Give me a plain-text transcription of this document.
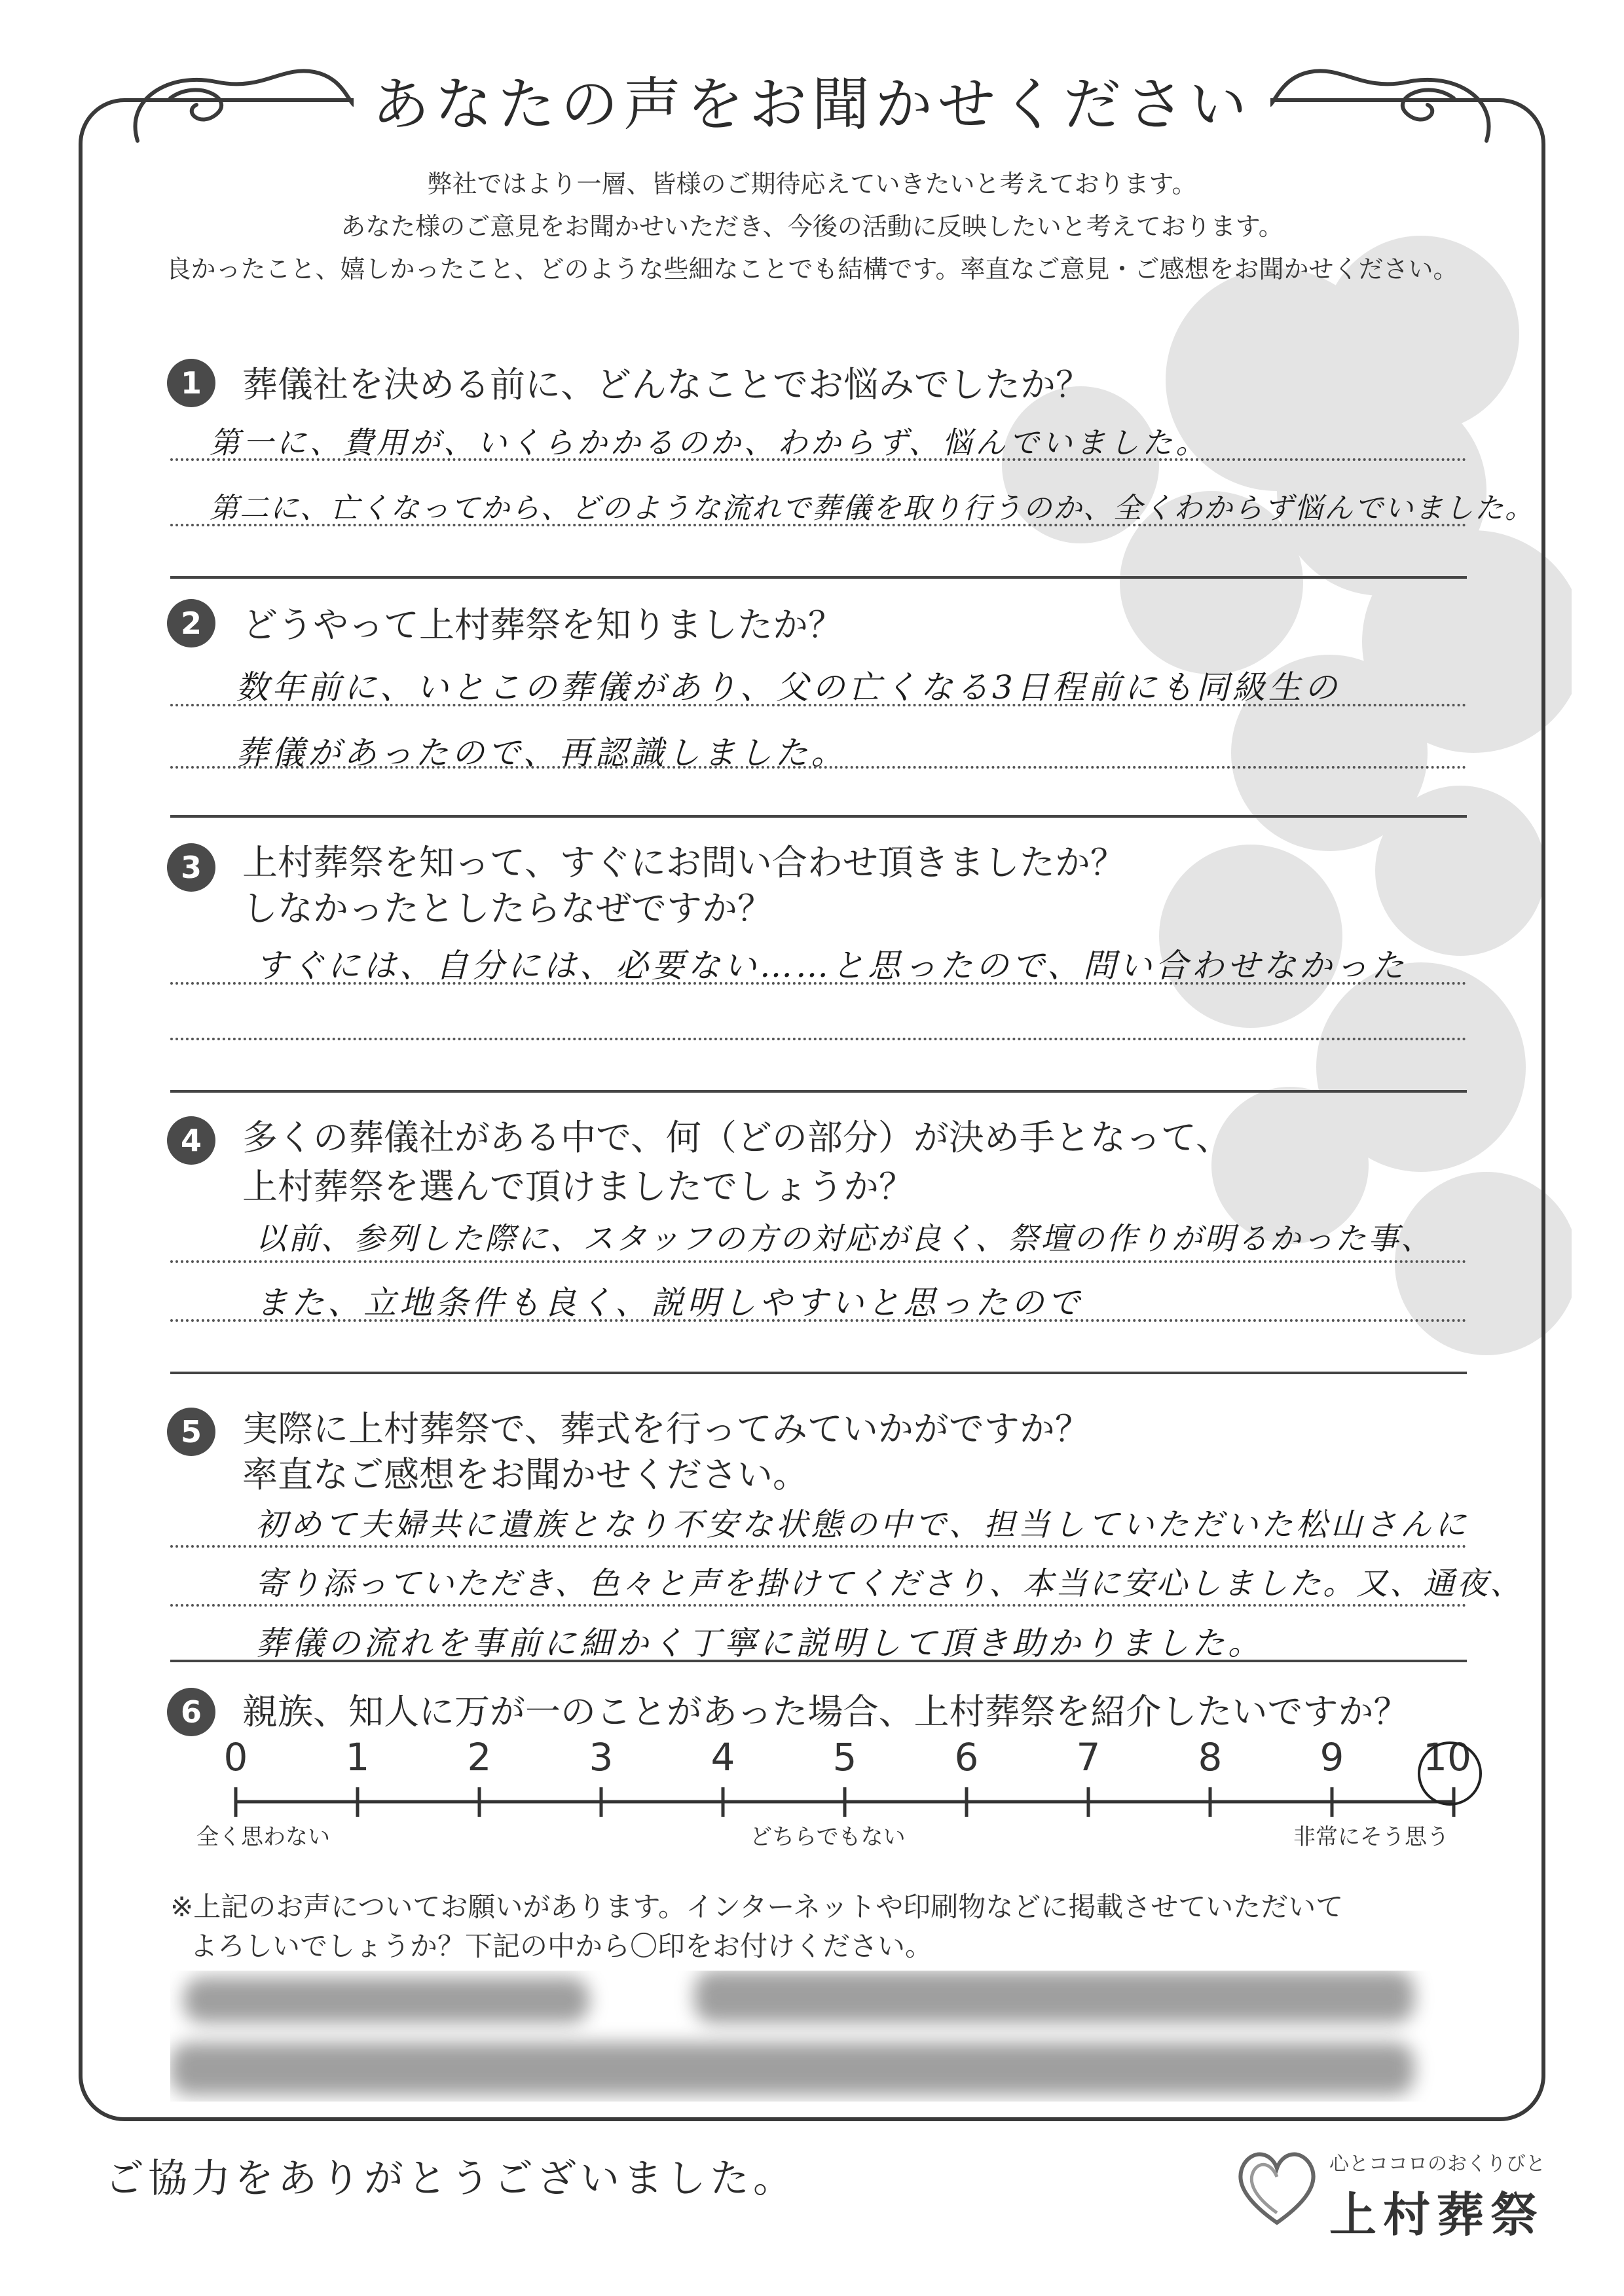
あなたの声をお聞かせください
弊社ではより一層、皆様のご期待応えていきたいと考えております。
あなた様のご意見をお聞かせいただき、今後の活動に反映したいと考えております。
良かったこと、嬉しかったこと、どのような些細なことでも結構です。率直なご意見・ご感想をお聞かせください。
1	葬儀社を決める前に、どんなことでお悩みでしたか？
第一に、費用が、いくらかかるのか、わからず、悩んでいました。
第二に、亡くなってから、どのような流れで葬儀を取り行うのか、全くわからず悩んでいました。
2	どうやって上村葬祭を知りましたか？
数年前に、いとこの葬儀があり、父の亡くなる3日程前にも同級生の
葬儀があったので、再認識しました。
3	上村葬祭を知って、すぐにお問い合わせ頂きましたか？
しなかったとしたらなぜですか？
すぐには、自分には、必要ない……と思ったので、問い合わせなかった
4	多くの葬儀社がある中で、何（どの部分）が決め手となって、
上村葬祭を選んで頂けましたでしょうか？
以前、参列した際に、スタッフの方の対応が良く、祭壇の作りが明るかった事、
また、立地条件も良く、説明しやすいと思ったので
5	実際に上村葬祭で、葬式を行ってみていかがですか？
率直なご感想をお聞かせください。
初めて夫婦共に遺族となり不安な状態の中で、担当していただいた松山さんに
寄り添っていただき、色々と声を掛けてくださり、本当に安心しました。又、通夜、
葬儀の流れを事前に細かく丁寧に説明して頂き助かりました。
6	親族、知人に万が一のことがあった場合、上村葬祭を紹介したいですか？
0	1	2	3	4	5	6	7	8	9	10
全く思わない	どちらでもない	非常にそう思う
※上記のお声についてお願いがあります。インターネットや印刷物などに掲載させていただいて
よろしいでしょうか？下記の中から〇印をお付けください。
ご協力をありがとうございました。	心とココロのおくりびと
上村葬祭
